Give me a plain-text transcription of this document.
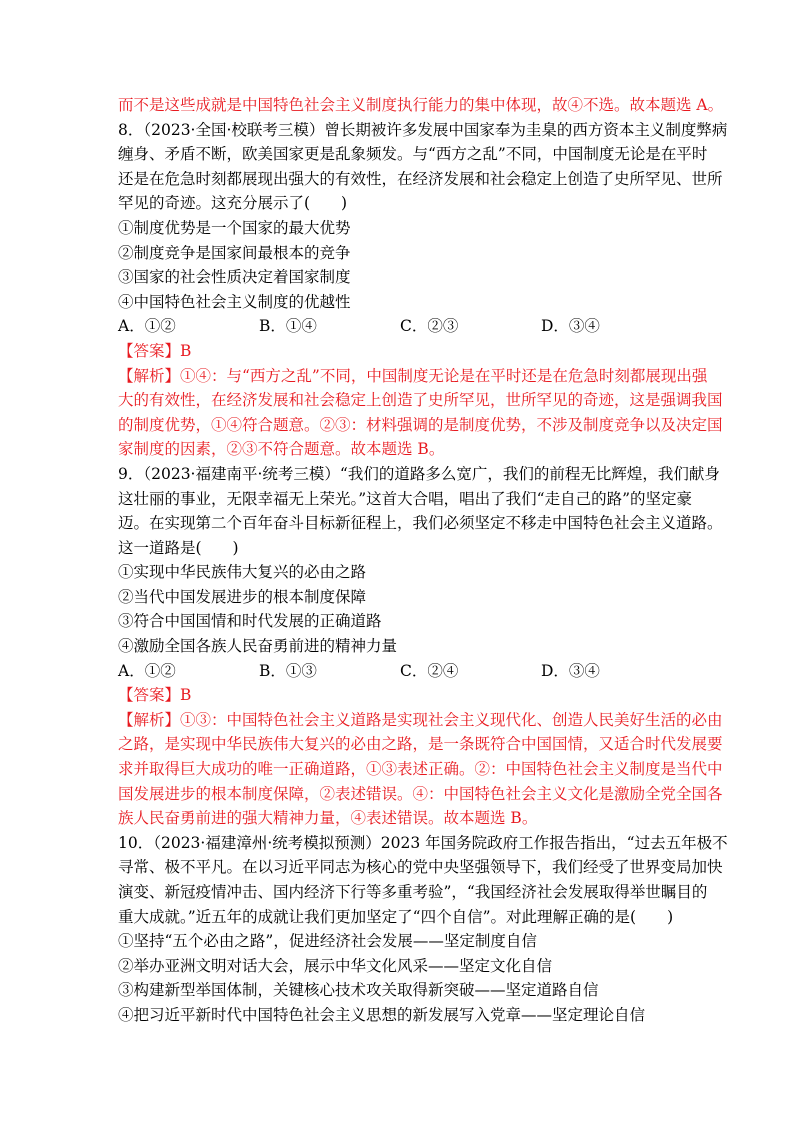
而不是这些成就是中国特色社会主义制度执行能力的集中体现，故④不选。故本题选 A。
8．（2023·全国·校联考三模）曾长期被许多发展中国家奉为圭臬的西方资本主义制度弊病
缠身、矛盾不断，欧美国家更是乱象频发。与“西方之乱”不同，中国制度无论是在平时
还是在危急时刻都展现出强大的有效性，在经济发展和社会稳定上创造了史所罕见、世所
罕见的奇迹。这充分展示了(　　)
①制度优势是一个国家的最大优势
②制度竞争是国家间最根本的竞争
③国家的社会性质决定着国家制度
④中国特色社会主义制度的优越性
A．①②	B．①④	C．②③	D．③④
【答案】B
【解析】①④：与“西方之乱”不同，中国制度无论是在平时还是在危急时刻都展现出强
大的有效性，在经济发展和社会稳定上创造了史所罕见，世所罕见的奇迹，这是强调我国
的制度优势，①④符合题意。②③：材料强调的是制度优势，不涉及制度竞争以及决定国
家制度的因素，②③不符合题意。故本题选 B。
9．（2023·福建南平·统考三模）“我们的道路多么宽广，我们的前程无比辉煌，我们献身
这壮丽的事业，无限幸福无上荣光。”这首大合唱，唱出了我们“走自己的路”的坚定豪
迈。在实现第二个百年奋斗目标新征程上，我们必须坚定不移走中国特色社会主义道路。
这一道路是(　　)
①实现中华民族伟大复兴的必由之路
②当代中国发展进步的根本制度保障
③符合中国国情和时代发展的正确道路
④激励全国各族人民奋勇前进的精神力量
A．①②	B．①③	C．②④	D．③④
【答案】B
【解析】①③：中国特色社会主义道路是实现社会主义现代化、创造人民美好生活的必由
之路，是实现中华民族伟大复兴的必由之路，是一条既符合中国国情，又适合时代发展要
求并取得巨大成功的唯一正确道路，①③表述正确。②：中国特色社会主义制度是当代中
国发展进步的根本制度保障，②表述错误。④：中国特色社会主义文化是激励全党全国各
族人民奋勇前进的强大精神力量，④表述错误。故本题选 B。
10．（2023·福建漳州·统考模拟预测）2023 年国务院政府工作报告指出，“过去五年极不
寻常、极不平凡。在以习近平同志为核心的党中央坚强领导下，我们经受了世界变局加快
演变、新冠疫情冲击、国内经济下行等多重考验”，“我国经济社会发展取得举世瞩目的
重大成就。”近五年的成就让我们更加坚定了“四个自信”。对此理解正确的是(　　)
①坚持“五个必由之路”，促进经济社会发展——坚定制度自信
②举办亚洲文明对话大会，展示中华文化风采——坚定文化自信
③构建新型举国体制，关键核心技术攻关取得新突破——坚定道路自信
④把习近平新时代中国特色社会主义思想的新发展写入党章——坚定理论自信
